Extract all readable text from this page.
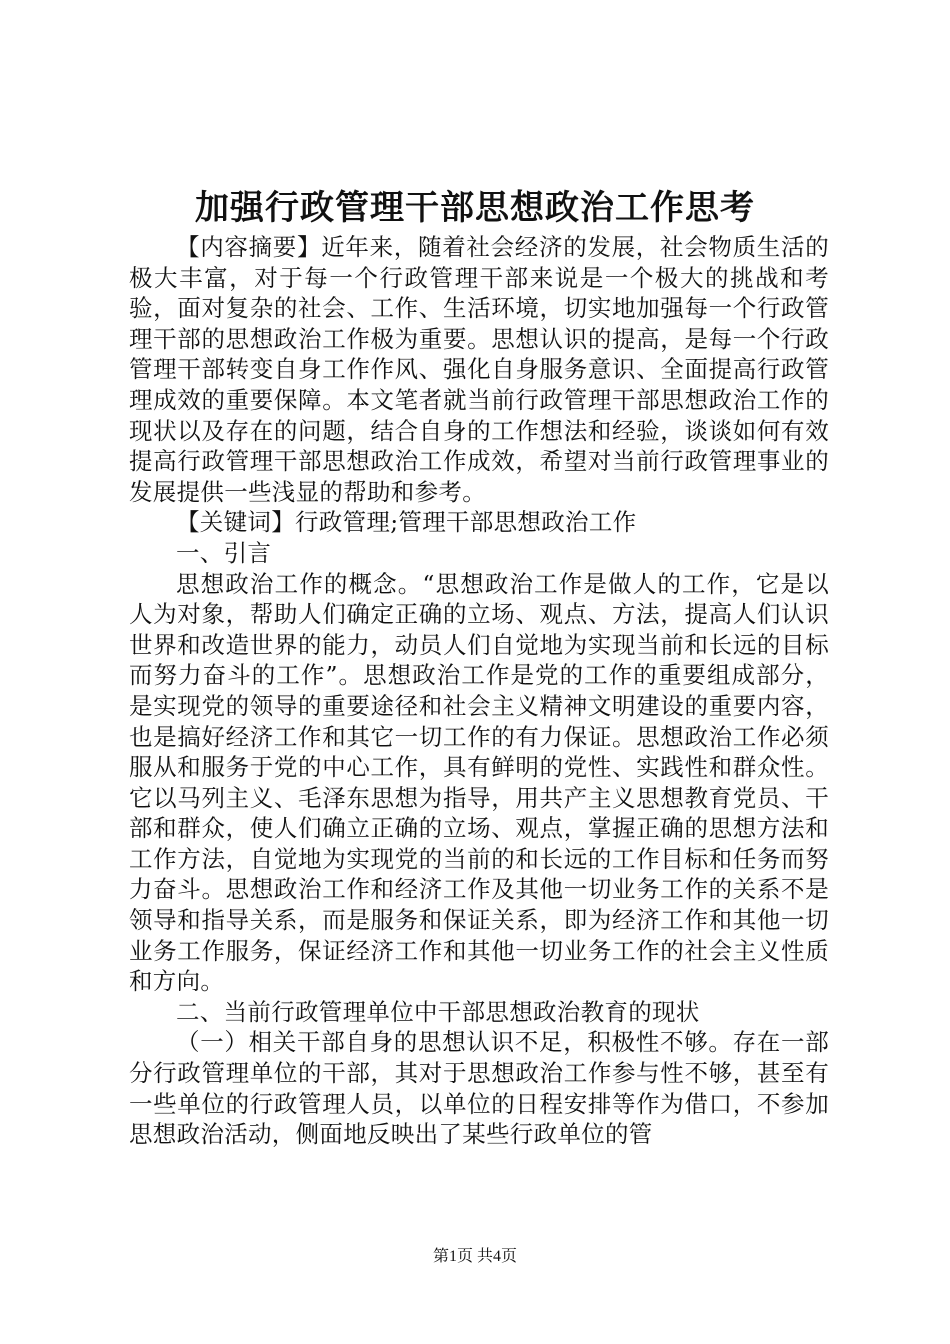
加强行政管理干部思想政治工作思考

【内容摘要】近年来，随着社会经济的发展，社会物质生活的极大丰富，对于每一个行政管理干部来说是一个极大的挑战和考验，面对复杂的社会、工作、生活环境，切实地加强每一个行政管理干部的思想政治工作极为重要。思想认识的提高，是每一个行政管理干部转变自身工作作风、强化自身服务意识、全面提高行政管理成效的重要保障。本文笔者就当前行政管理干部思想政治工作的现状以及存在的问题，结合自身的工作想法和经验，谈谈如何有效提高行政管理干部思想政治工作成效，希望对当前行政管理事业的发展提供一些浅显的帮助和参考。

【关键词】行政管理;管理干部思想政治工作

一、引言

思想政治工作的概念。“思想政治工作是做人的工作，它是以人为对象，帮助人们确定正确的立场、观点、方法，提高人们认识世界和改造世界的能力，动员人们自觉地为实现当前和长远的目标而努力奋斗的工作”。思想政治工作是党的工作的重要组成部分，是实现党的领导的重要途径和社会主义精神文明建设的重要内容，也是搞好经济工作和其它一切工作的有力保证。思想政治工作必须服从和服务于党的中心工作，具有鲜明的党性、实践性和群众性。它以马列主义、毛泽东思想为指导，用共产主义思想教育党员、干部和群众，使人们确立正确的立场、观点，掌握正确的思想方法和工作方法，自觉地为实现党的当前的和长远的工作目标和任务而努力奋斗。思想政治工作和经济工作及其他一切业务工作的关系不是领导和指导关系，而是服务和保证关系，即为经济工作和其他一切业务工作服务，保证经济工作和其他一切业务工作的社会主义性质和方向。

二、当前行政管理单位中干部思想政治教育的现状

（一）相关干部自身的思想认识不足，积极性不够。存在一部分行政管理单位的干部，其对于思想政治工作参与性不够，甚至有一些单位的行政管理人员，以单位的日程安排等作为借口，不参加思想政治活动，侧面地反映出了某些行政单位的管

第1页 共4页
